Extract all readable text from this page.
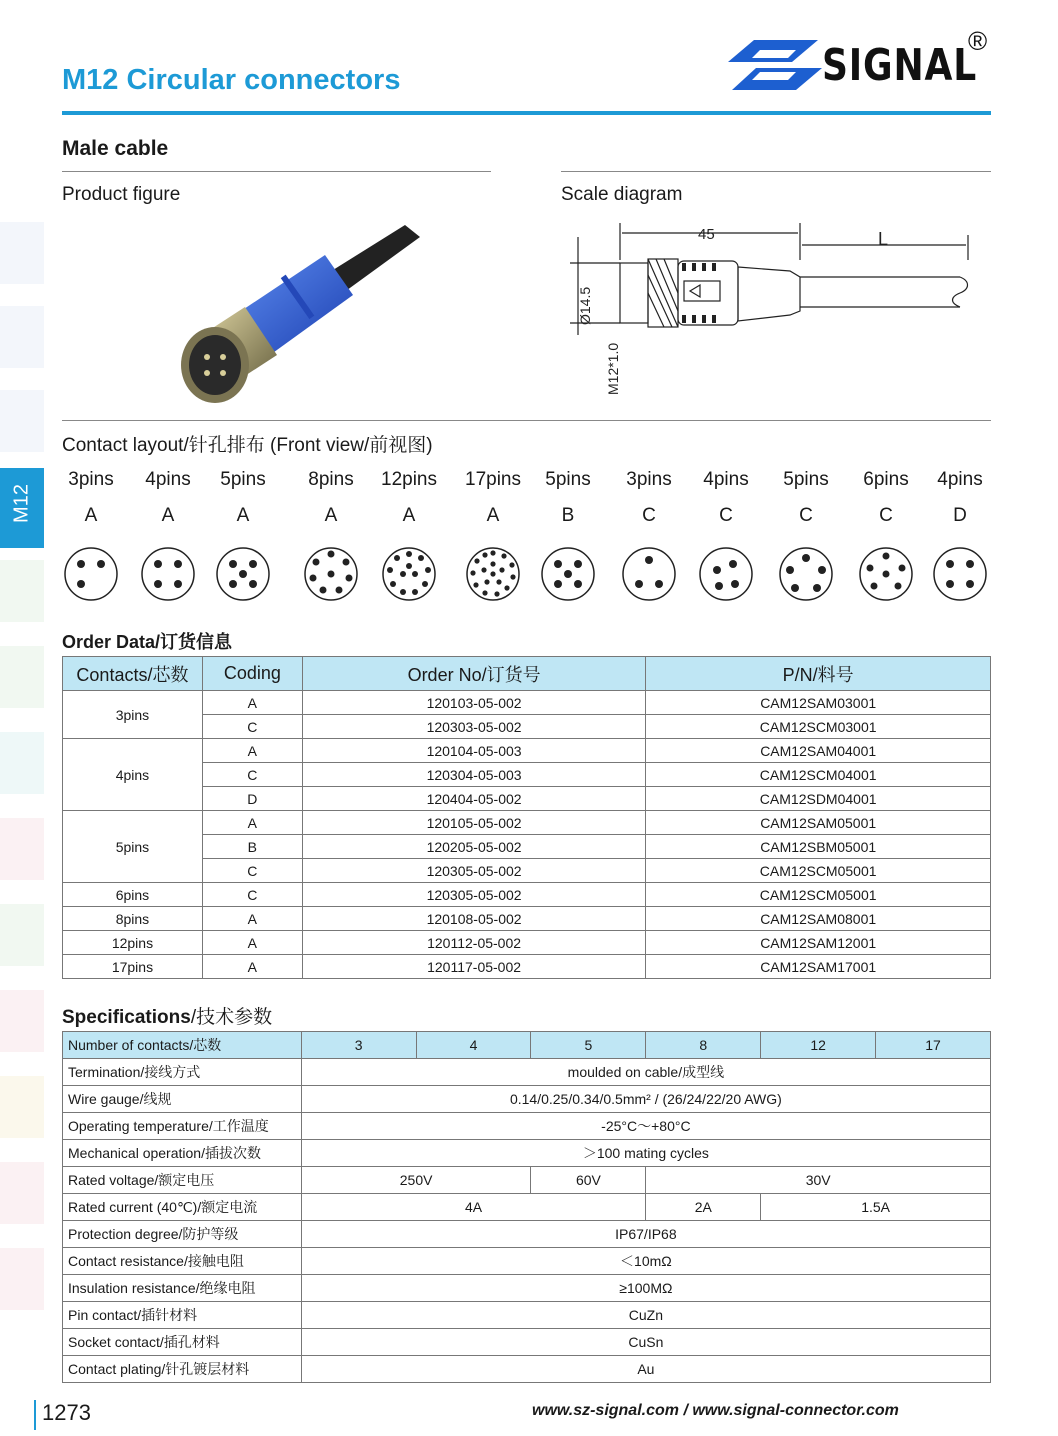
M12
M12 Circular connectors	SIGNAL
®
Male cable
Product figure	Scale diagram
45	L
Ø14.5
M12*1.0
Contact layout/针孔排布 (Front view/前视图)
3pins	4pins	5pins	8pins	12pins	17pins	5pins	3pins	4pins	5pins	6pins	4pins
A	A	A	A	A	A	B	C	C	C	C	D
Order Data/订货信息
Contacts/芯数	Coding	Order No/订货号	P/N/料号
3pins	A	120103-05-002	CAM12SAM03001
	C	120303-05-002	CAM12SCM03001
4pins	A	120104-05-003	CAM12SAM04001
	C	120304-05-003	CAM12SCM04001
	D	120404-05-002	CAM12SDM04001
5pins	A	120105-05-002	CAM12SAM05001
	B	120205-05-002	CAM12SBM05001
	C	120305-05-002	CAM12SCM05001
6pins	C	120305-05-002	CAM12SCM05001
8pins	A	120108-05-002	CAM12SAM08001
12pins	A	120112-05-002	CAM12SAM12001
17pins	A	120117-05-002	CAM12SAM17001
Specifications/技术参数
Number of contacts/芯数	3	4	5	8	12	17
Termination/接线方式	moulded on cable/成型线					
Wire gauge/线规	0.14/0.25/0.34/0.5mm² / (26/24/22/20 AWG)					
Operating temperature/工作温度	-25°C～+80°C					
Mechanical operation/插拔次数	＞100 mating cycles					
Rated voltage/额定电压	250V		60V	30V		
Rated current (40℃)/额定电流	4A			2A	1.5A	
Protection degree/防护等级	IP67/IP68					
Contact resistance/接触电阻	＜10mΩ					
Insulation resistance/绝缘电阻	≥100MΩ					
Pin contact/插针材料	CuZn					
Socket contact/插孔材料	CuSn					
Contact plating/针孔镀层材料	Au					
1273	www.sz-signal.com / www.signal-connector.com
